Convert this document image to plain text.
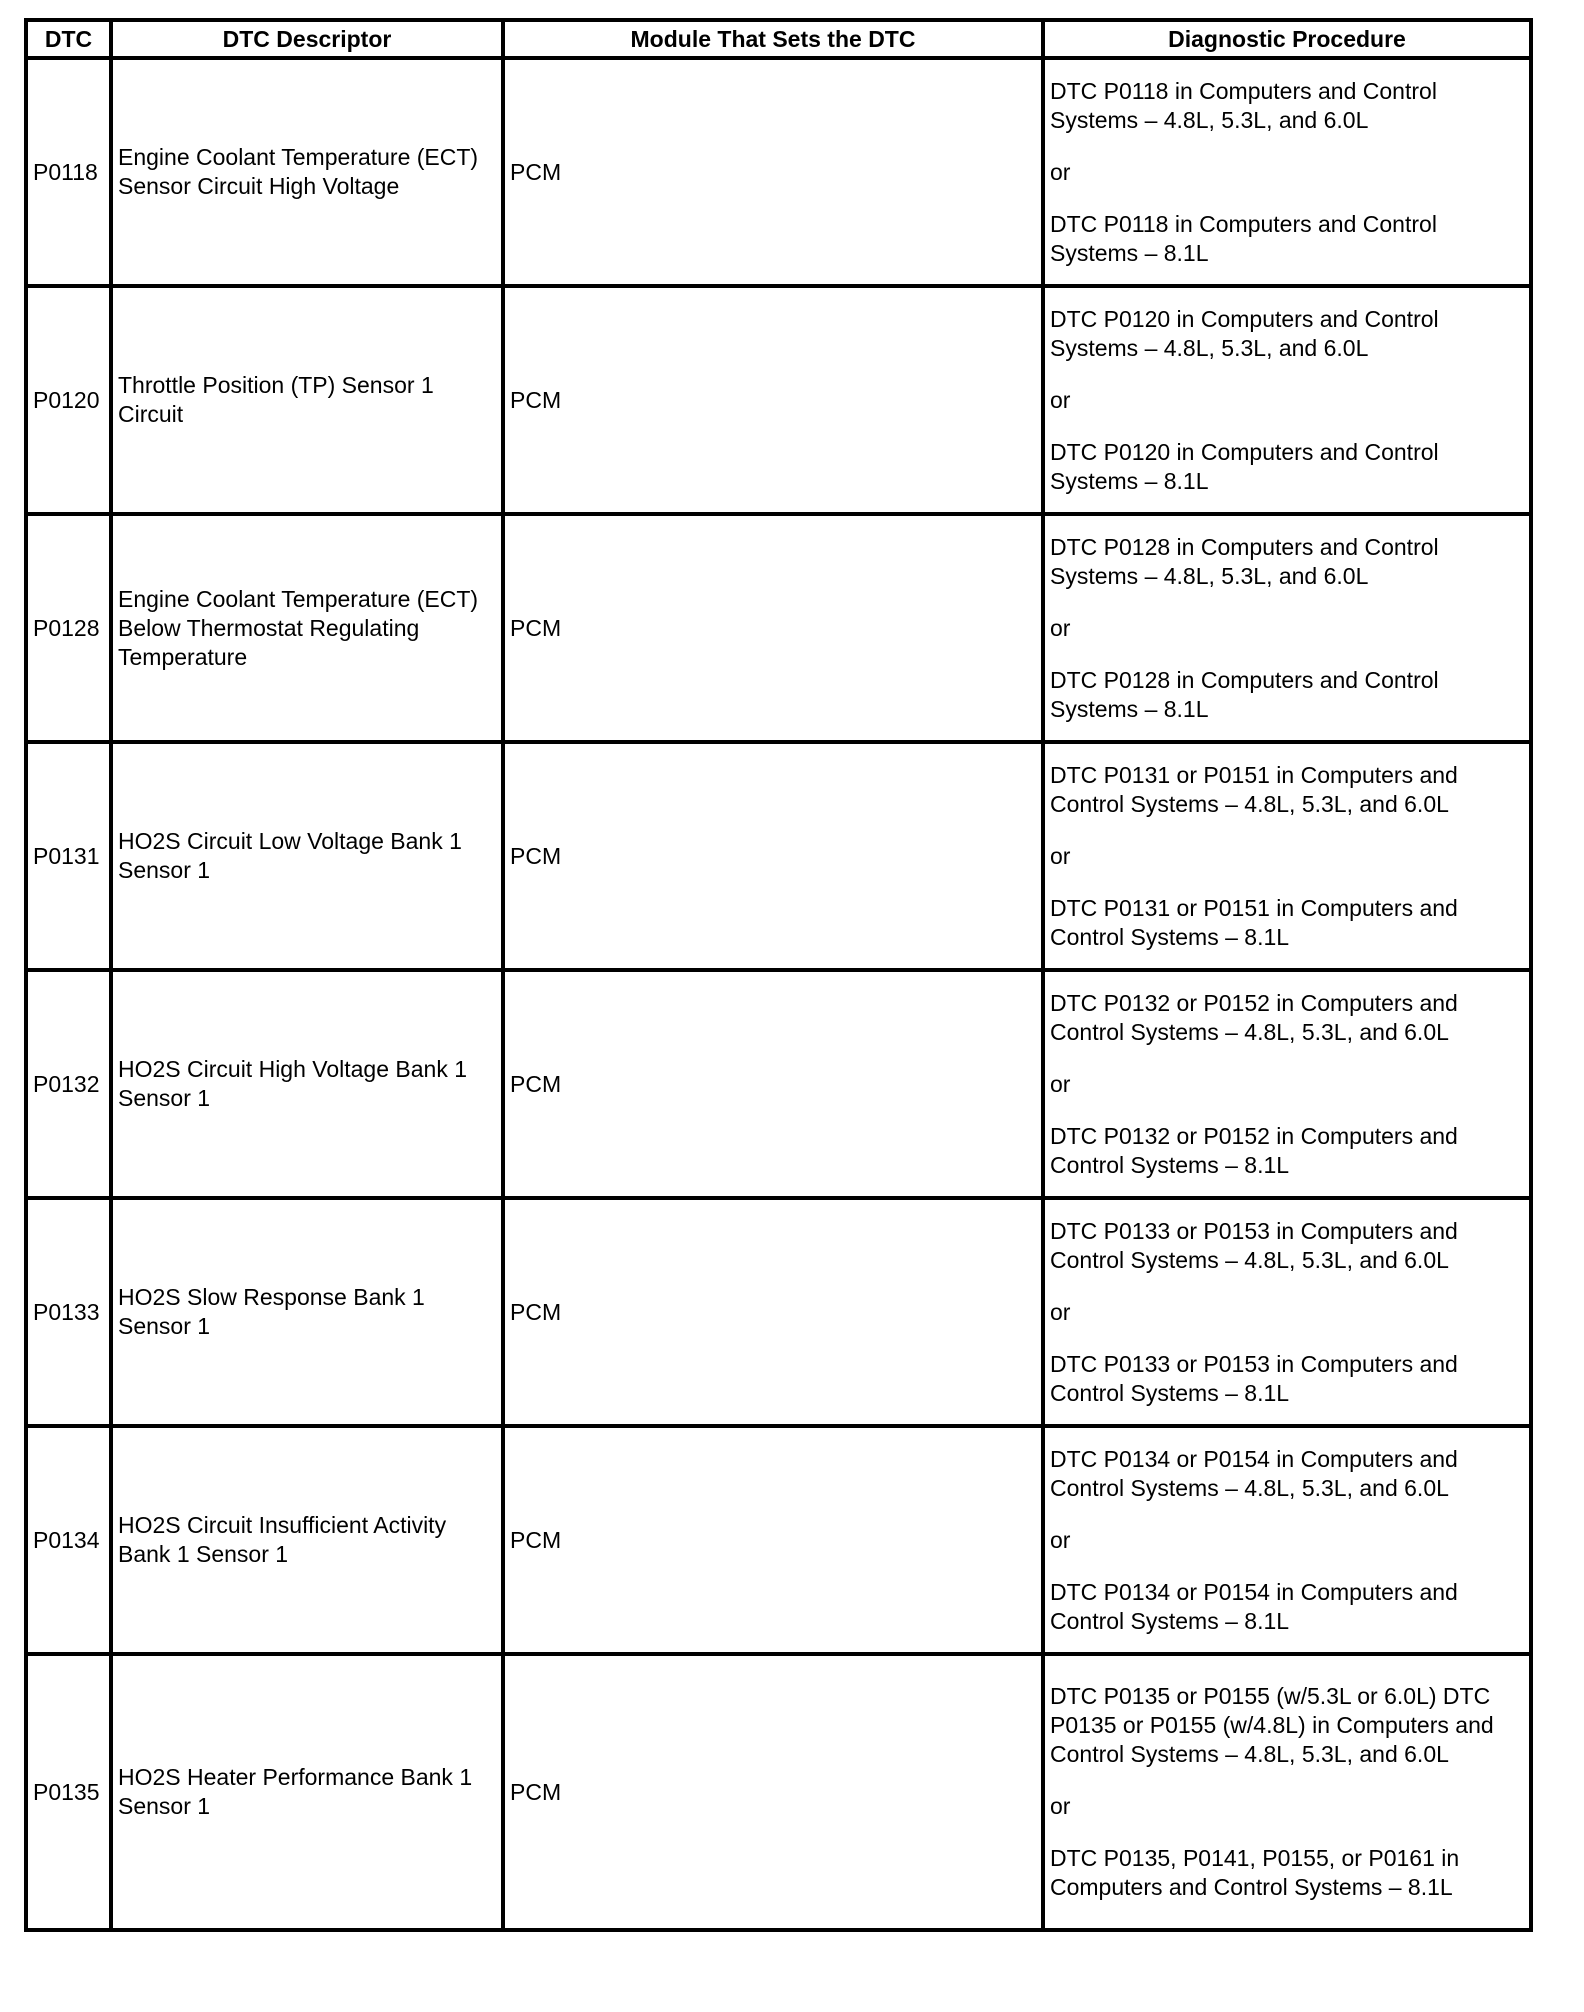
DTC	DTC Descriptor	Module That Sets the DTC	Diagnostic Procedure
P0118	Engine Coolant Temperature (ECT) Sensor Circuit High Voltage	PCM	DTC P0118 in Computers and Control Systems – 4.8L, 5.3L, and 6.0L
or
DTC P0118 in Computers and Control Systems – 8.1L

P0120	Throttle Position (TP) Sensor 1 Circuit	PCM	DTC P0120 in Computers and Control Systems – 4.8L, 5.3L, and 6.0L
or
DTC P0120 in Computers and Control Systems – 8.1L

P0128	Engine Coolant Temperature (ECT) Below Thermostat Regulating Temperature	PCM	DTC P0128 in Computers and Control Systems – 4.8L, 5.3L, and 6.0L
or
DTC P0128 in Computers and Control Systems – 8.1L

P0131	HO2S Circuit Low Voltage Bank 1 Sensor 1	PCM	DTC P0131 or P0151 in Computers and Control Systems – 4.8L, 5.3L, and 6.0L
or
DTC P0131 or P0151 in Computers and Control Systems – 8.1L

P0132	HO2S Circuit High Voltage Bank 1 Sensor 1	PCM	DTC P0132 or P0152 in Computers and Control Systems – 4.8L, 5.3L, and 6.0L
or
DTC P0132 or P0152 in Computers and Control Systems – 8.1L

P0133	HO2S Slow Response Bank 1 Sensor 1	PCM	DTC P0133 or P0153 in Computers and Control Systems – 4.8L, 5.3L, and 6.0L
or
DTC P0133 or P0153 in Computers and Control Systems – 8.1L

P0134	HO2S Circuit Insufficient Activity Bank 1 Sensor 1	PCM	DTC P0134 or P0154 in Computers and Control Systems – 4.8L, 5.3L, and 6.0L
or
DTC P0134 or P0154 in Computers and Control Systems – 8.1L

P0135	HO2S Heater Performance Bank 1 Sensor 1	PCM	DTC P0135 or P0155 (w/5.3L or 6.0L) DTC P0135 or P0155 (w/4.8L) in Computers and Control Systems – 4.8L, 5.3L, and 6.0L
or
DTC P0135, P0141, P0155, or P0161 in Computers and Control Systems – 8.1L
